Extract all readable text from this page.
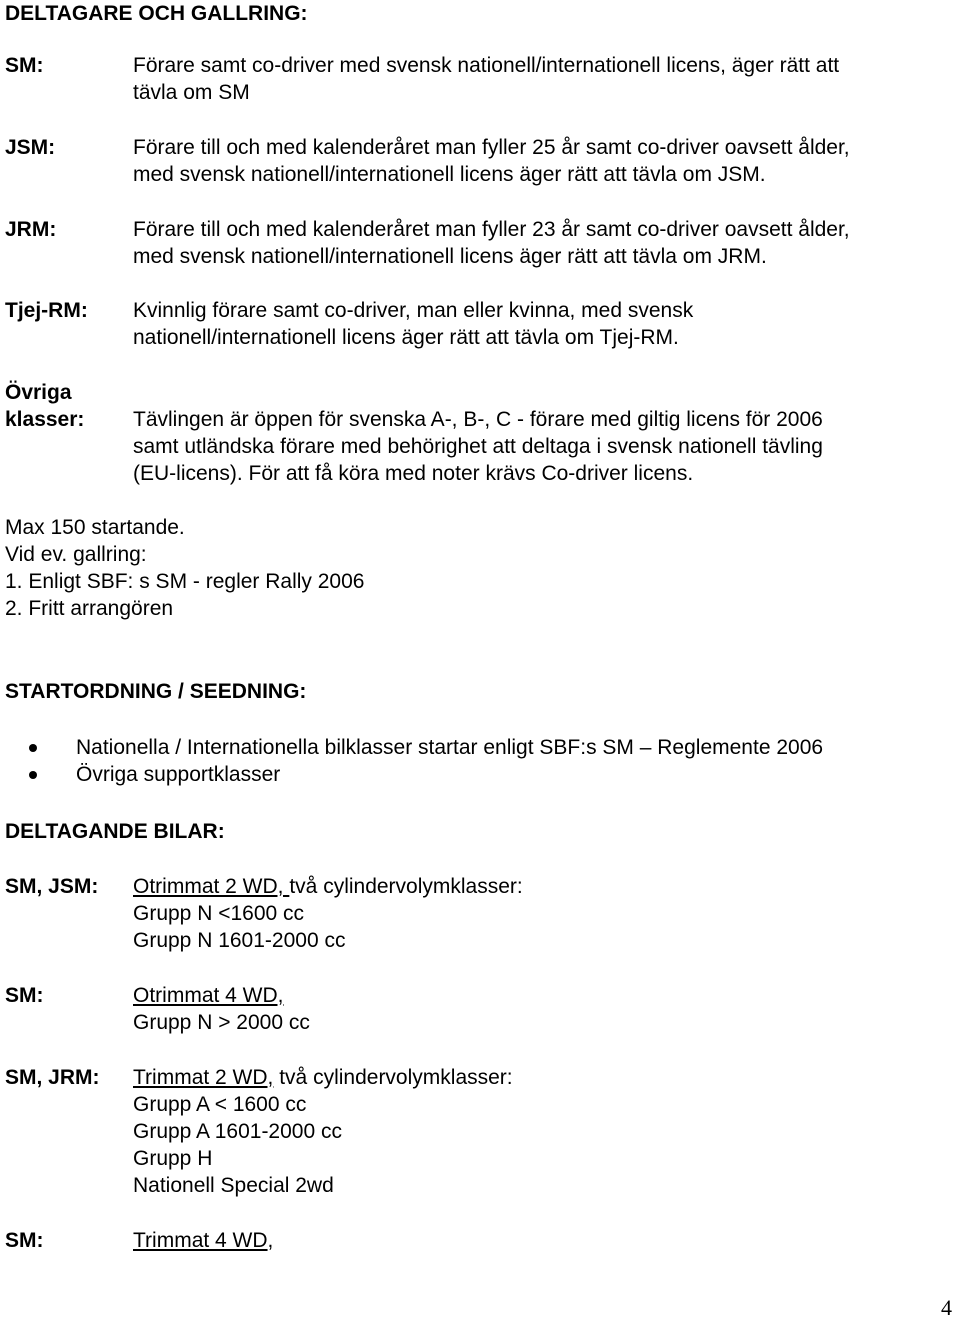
DELTAGARE OCH GALLRING:

SM:	Förare samt co-driver med svensk nationell/internationell licens, äger rätt att
tävla om SM
JSM:	Förare till och med kalenderåret man fyller 25 år samt co-driver oavsett ålder,
med svensk nationell/internationell licens äger rätt att tävla om JSM.
JRM:	Förare till och med kalenderåret man fyller 23 år samt co-driver oavsett ålder,
med svensk nationell/internationell licens äger rätt att tävla om JRM.
Tjej-RM:	Kvinnlig förare samt co-driver, man eller kvinna, med svensk
nationell/internationell licens äger rätt att tävla om Tjej-RM.
Övriga
klasser:	Tävlingen är öppen för svenska A-, B-, C - förare med giltig licens för 2006
samt utländska förare med behörighet att deltaga i svensk nationell tävling
(EU-licens). För att få köra med noter krävs Co-driver licens.
Max 150 startande.
Vid ev. gallring:
1. Enligt SBF: s SM - regler Rally 2006
2. Fritt arrangören

STARTORDNING / SEEDNING:

Nationella / Internationella bilklasser startar enligt SBF:s SM – Reglemente 2006
Övriga supportklasser

DELTAGANDE BILAR:

SM, JSM:	Otrimmat 2 WD, två cylindervolymklasser:
Grupp N <1600 cc
Grupp N 1601-2000 cc
SM:	Otrimmat 4 WD,
Grupp N > 2000 cc
SM, JRM:	Trimmat 2 WD, två cylindervolymklasser:
Grupp A < 1600 cc
Grupp A 1601-2000 cc
Grupp H
Nationell Special 2wd
SM:	Trimmat 4 WD,
4
